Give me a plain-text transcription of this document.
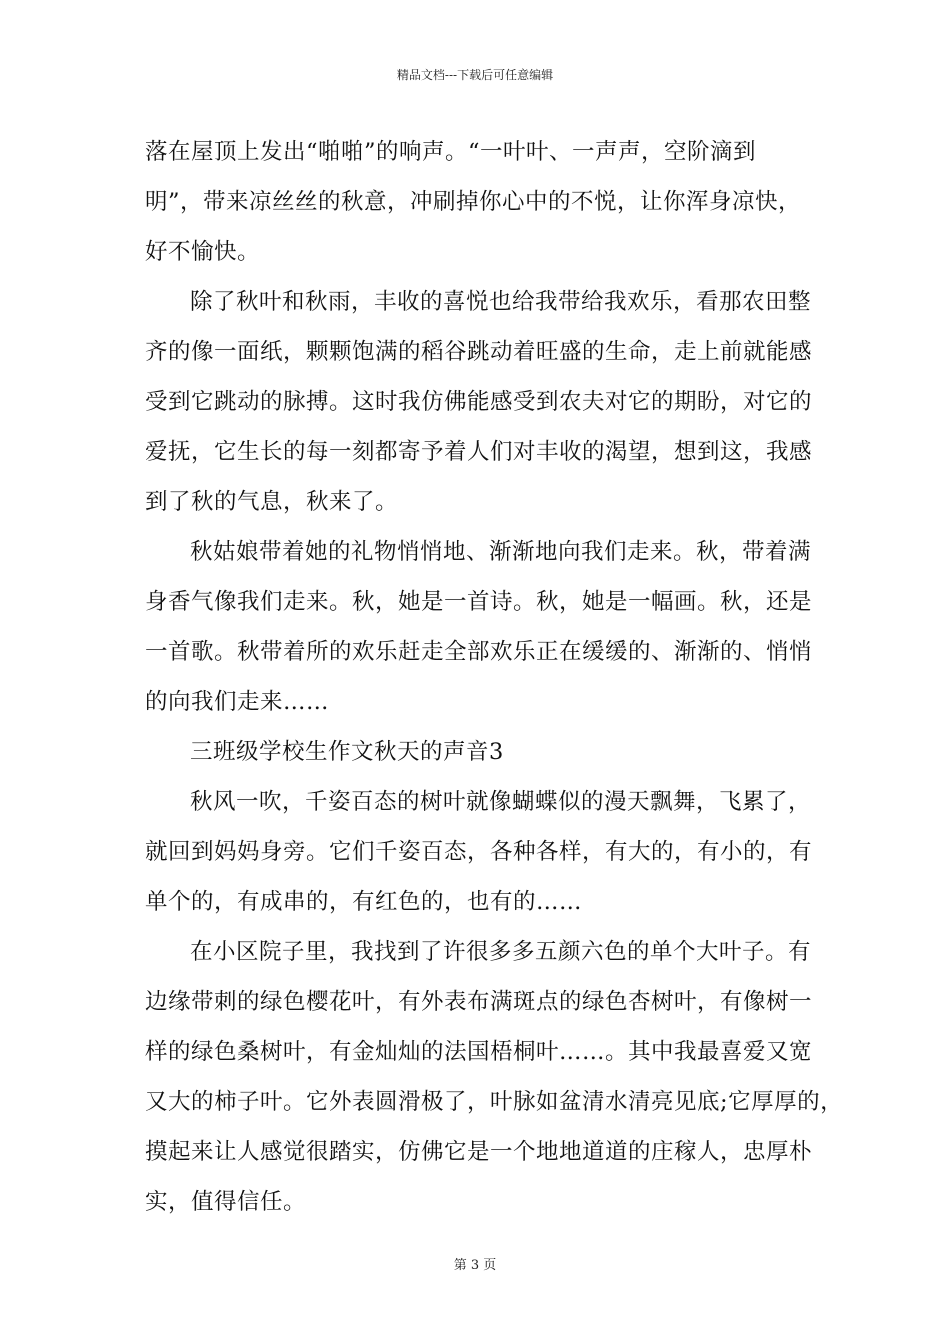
精品文档---下载后可任意编辑
落在屋顶上发出“啪啪”的响声。“一叶叶、一声声，空阶滴到
明”，带来凉丝丝的秋意，冲刷掉你心中的不悦，让你浑身凉快，
好不愉快。
除了秋叶和秋雨，丰收的喜悦也给我带给我欢乐，看那农田整
齐的像一面纸，颗颗饱满的稻谷跳动着旺盛的生命，走上前就能感
受到它跳动的脉搏。这时我仿佛能感受到农夫对它的期盼，对它的
爱抚，它生长的每一刻都寄予着人们对丰收的渴望，想到这，我感
到了秋的气息，秋来了。
秋姑娘带着她的礼物悄悄地、渐渐地向我们走来。秋，带着满
身香气像我们走来。秋，她是一首诗。秋，她是一幅画。秋，还是
一首歌。秋带着所的欢乐赶走全部欢乐正在缓缓的、渐渐的、悄悄
的向我们走来……
三班级学校生作文秋天的声音3
秋风一吹，千姿百态的树叶就像蝴蝶似的漫天飘舞，飞累了，
就回到妈妈身旁。它们千姿百态，各种各样，有大的，有小的，有
单个的，有成串的，有红色的，也有的……
在小区院子里，我找到了许很多多五颜六色的单个大叶子。有
边缘带刺的绿色樱花叶，有外表布满斑点的绿色杏树叶，有像树一
样的绿色桑树叶，有金灿灿的法国梧桐叶……。其中我最喜爱又宽
又大的柿子叶。它外表圆滑极了，叶脉如盆清水清亮见底;它厚厚的，
摸起来让人感觉很踏实，仿佛它是一个地地道道的庄稼人，忠厚朴
实，值得信任。
第 3 页
